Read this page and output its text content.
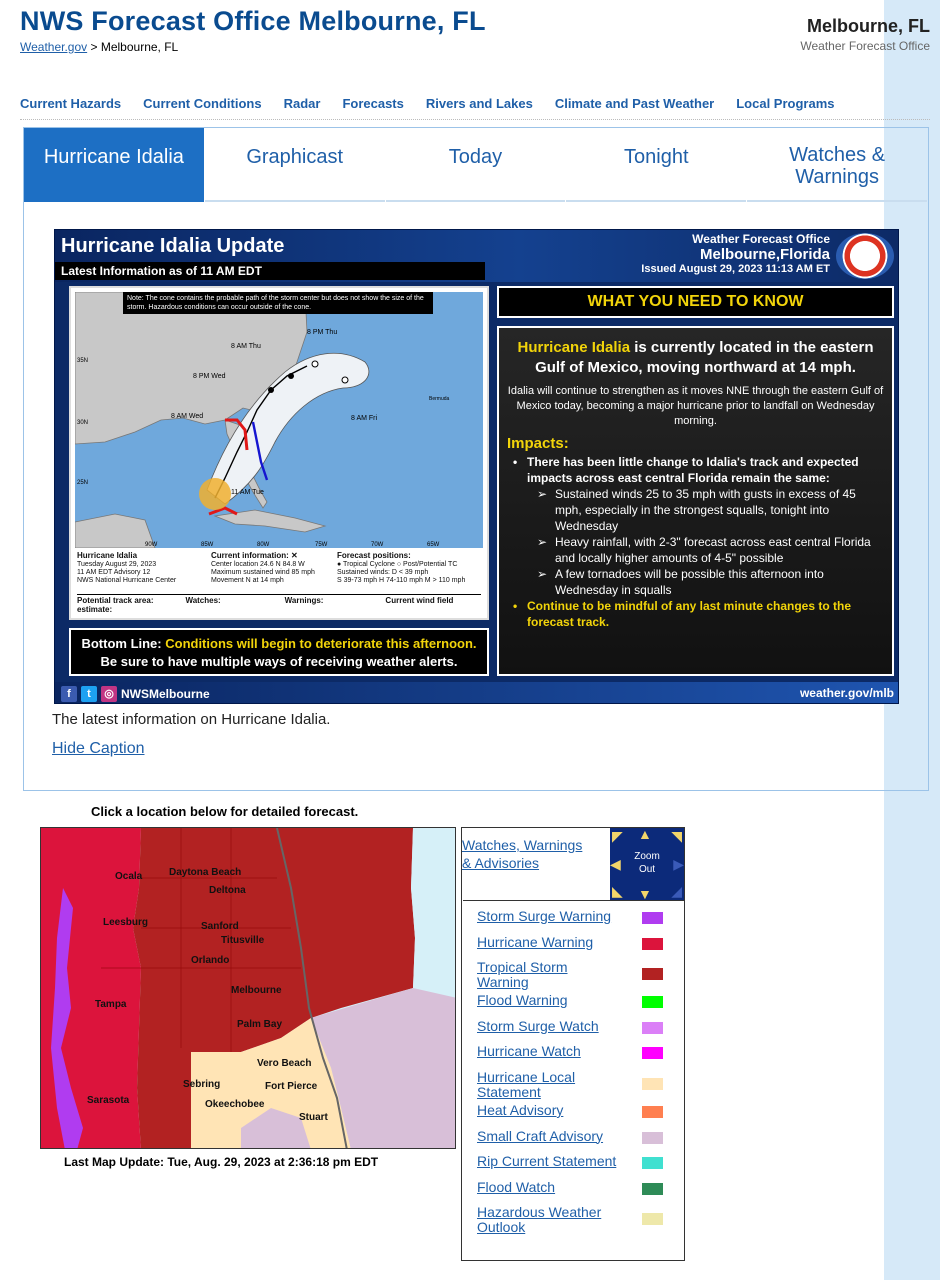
NWS Forecast Office Melbourne, FL
Weather.gov > Melbourne, FL
Melbourne, FL
Weather Forecast Office
Current Hazards Current Conditions Radar Forecasts Rivers and Lakes Climate and Past Weather Local Programs
Hurricane Idalia	Graphicast	Today	Tonight	Watches & Warnings
Hurricane Idalia Update
Latest Information as of 11 AM EDT
Weather Forecast Office
Melbourne,Florida
Issued August 29, 2023 11:13 AM ET
8 PM Thu
8 AM Thu
8 PM Wed
8 AM Wed	8 AM Fri
11 AM Tue
35N
30N
25N
90W	85W	80W	75W	70W	65W
Bermuda
Note: The cone contains the probable path of the storm center but does not show the size of the storm. Hazardous conditions can occur outside of the cone.
Hurricane Idalia
Tuesday August 29, 2023
11 AM EDT Advisory 12
NWS National Hurricane Center
Current information: ✕
Center location 24.6 N 84.8 W
Maximum sustained wind 85 mph
Movement N at 14 mph
Forecast positions:
● Tropical Cyclone ○ Post/Potential TC
Sustained winds: D < 39 mph
S 39-73 mph H 74-110 mph M > 110 mph
Potential track area:	Watches:	Warnings:	Current wind field estimate:
Bottom Line: Conditions will begin to deteriorate this afternoon.
Be sure to have multiple ways of receiving weather alerts.
WHAT YOU NEED TO KNOW
Hurricane Idalia is currently located in the eastern Gulf of Mexico, moving northward at 14 mph.
Idalia will continue to strengthen as it moves NNE through the eastern Gulf of Mexico today, becoming a major hurricane prior to landfall on Wednesday morning.
Impacts:
• There has been little change to Idalia's track and expected impacts across east central Florida remain the same:
➢ Sustained winds 25 to 35 mph with gusts in excess of 45 mph, especially in the strongest squalls, tonight into Wednesday
➢ Heavy rainfall, with 2-3" forecast across east central Florida and locally higher amounts of 4-5" possible
➢ A few tornadoes will be possible this afternoon into Wednesday in squalls
• Continue to be mindful of any last minute changes to the forecast track.
f	t	◎ NWSMelbourne	weather.gov/mlb
The latest information on Hurricane Idalia.
Hide Caption
Click a location below for detailed forecast.
Ocala	Daytona Beach
Deltona
Leesburg	Sanford
Titusville
Orlando
Melbourne
Palm Bay
Tampa
Vero Beach
Sebring	Fort Pierce
Okeechobee
Stuart
Sarasota
Last Map Update: Tue, Aug. 29, 2023 at 2:36:18 pm EDT
Watches, Warnings & Advisories
◤ ▲ ◥
◀	▶
◣ ▼ ◢
Zoom Out
Storm Surge Warning
Hurricane Warning
Tropical Storm Warning
Flood Warning
Storm Surge Watch
Hurricane Watch
Hurricane Local Statement
Heat Advisory
Small Craft Advisory
Rip Current Statement
Flood Watch
Hazardous Weather Outlook
